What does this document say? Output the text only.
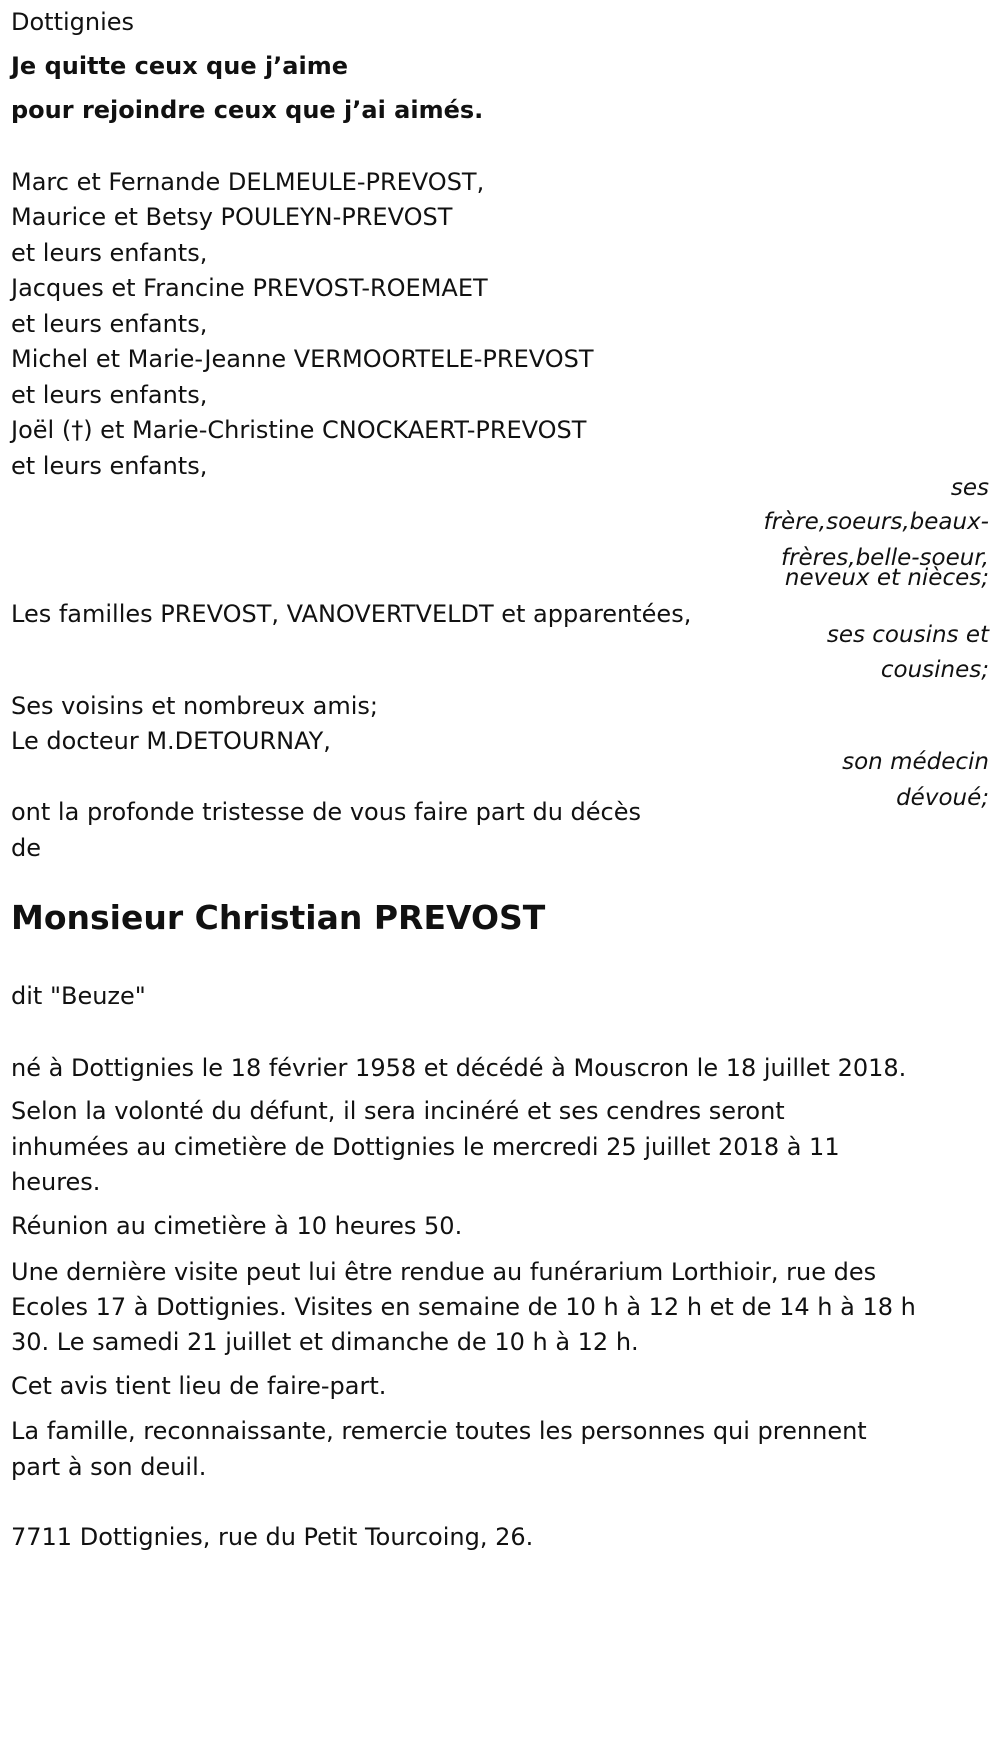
Dottignies
Je quitte ceux que j’aime
pour rejoindre ceux que j’ai aimés.
Marc et Fernande DELMEULE-PREVOST,
Maurice et Betsy POULEYN-PREVOST
et leurs enfants,
Jacques et Francine PREVOST-ROEMAET
et leurs enfants,
Michel et Marie-Jeanne VERMOORTELE-PREVOST
et leurs enfants,
Joël (†) et Marie-Christine CNOCKAERT-PREVOST
et leurs enfants,
ses
frère,soeurs,beaux-
frères,belle-soeur,
neveux et nièces;
Les familles PREVOST, VANOVERTVELDT et apparentées,
ses cousins et
cousines;
Ses voisins et nombreux amis;
Le docteur M.DETOURNAY,
son médecin
dévoué;
ont la profonde tristesse de vous faire part du décès
de
Monsieur Christian PREVOST
dit "Beuze"
né à Dottignies le 18 février 1958 et décédé à Mouscron le 18 juillet 2018.
Selon la volonté du défunt, il sera incinéré et ses cendres seront
inhumées au cimetière de Dottignies le mercredi 25 juillet 2018 à 11
heures.
Réunion au cimetière à 10 heures 50.
Une dernière visite peut lui être rendue au funérarium Lorthioir, rue des
Ecoles 17 à Dottignies. Visites en semaine de 10 h à 12 h et de 14 h à 18 h
30. Le samedi 21 juillet et dimanche de 10 h à 12 h.
Cet avis tient lieu de faire-part.
La famille, reconnaissante, remercie toutes les personnes qui prennent
part à son deuil.
7711 Dottignies, rue du Petit Tourcoing, 26.
